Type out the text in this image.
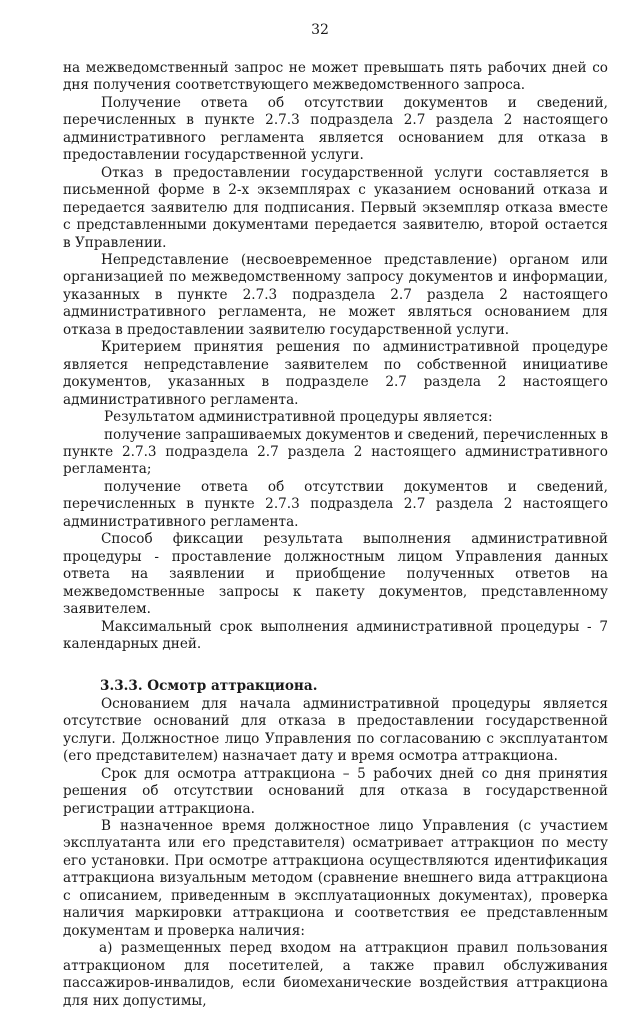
32

на межведомственный запрос не может превышать пять рабочих дней со дня получения соответствующего межведомственного запроса.

Получение ответа об отсутствии документов и сведений, перечисленных в пункте 2.7.3 подраздела 2.7 раздела 2 настоящего административного регламента является основанием для отказа в предоставлении государственной услуги.

Отказ в предоставлении государственной услуги составляется в письменной форме в 2-х экземплярах с указанием оснований отказа и передается заявителю для подписания. Первый экземпляр отказа вместе с представленными документами передается заявителю, второй остается в Управлении.

Непредставление (несвоевременное представление) органом или организацией по межведомственному запросу документов и информации, указанных в пункте 2.7.3 подраздела 2.7 раздела 2 настоящего административного регламента, не может являться основанием для отказа в предоставлении заявителю государственной услуги.

Критерием принятия решения по административной процедуре является непредставление заявителем по собственной инициативе документов, указанных в подразделе 2.7 раздела 2 настоящего административного регламента.

Результатом административной процедуры является:

получение запрашиваемых документов и сведений, перечисленных в пункте 2.7.3 подраздела 2.7 раздела 2 настоящего административного регламента;

получение ответа об отсутствии документов и сведений, перечисленных в пункте 2.7.3 подраздела 2.7 раздела 2 настоящего административного регламента.

Способ фиксации результата выполнения административной процедуры - проставление должностным лицом Управления данных ответа на заявлении и приобщение полученных ответов на межведомственные запросы к пакету документов, представленному заявителем.

Максимальный срок выполнения административной процедуры - 7 календарных дней.

3.3.3. Осмотр аттракциона.

Основанием для начала административной процедуры является отсутствие оснований для отказа в предоставлении государственной услуги. Должностное лицо Управления по согласованию с эксплуатантом (его представителем) назначает дату и время осмотра аттракциона.

Срок для осмотра аттракциона – 5 рабочих дней со дня принятия решения об отсутствии оснований для отказа в государственной регистрации аттракциона.

В назначенное время должностное лицо Управления (с участием эксплуатанта или его представителя) осматривает аттракцион по месту его установки. При осмотре аттракциона осуществляются идентификация аттракциона визуальным методом (сравнение внешнего вида аттракциона с описанием, приведенным в эксплуатационных документах), проверка наличия маркировки аттракциона и соответствия ее представленным документам и проверка наличия:

а) размещенных перед входом на аттракцион правил пользования аттракционом для посетителей, а также правил обслуживания пассажиров-инвалидов, если биомеханические воздействия аттракциона для них допустимы,
